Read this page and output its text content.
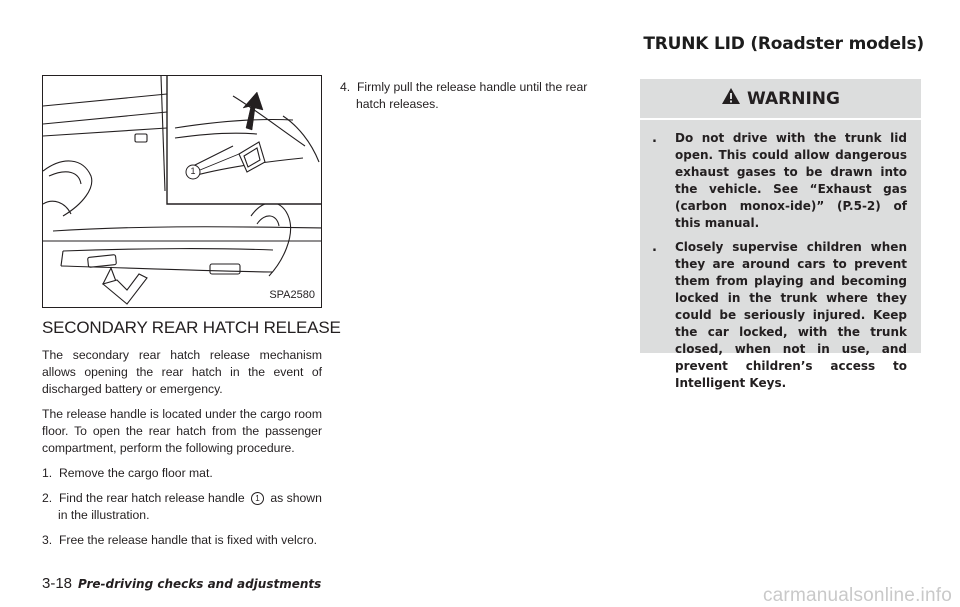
TRUNK LID (Roadster models)
1
SPA2580
SECONDARY REAR HATCH RELEASE

The secondary rear hatch release mechanism allows opening the rear hatch in the event of discharged battery or emergency.

The release handle is located under the cargo room floor. To open the rear hatch from the passenger compartment, perform the following procedure.

1. Remove the cargo floor mat.
2. Find the rear hatch release handle 1 as shown in the illustration.
3. Free the release handle that is fixed with velcro.
4. Firmly pull the release handle until the rear hatch releases.	WARNING
.	Do not drive with the trunk lid open. This could allow dangerous exhaust gases to be drawn into the vehicle. See “Exhaust gas (carbon monox-ide)” (P.5-2) of this manual.
.	Closely supervise children when they are around cars to prevent them from playing and becoming locked in the trunk where they could be seriously injured. Keep the car locked, with the trunk closed, when not in use, and prevent children’s access to Intelligent Keys.
3-18 Pre-driving checks and adjustments
carmanualsonline.info
